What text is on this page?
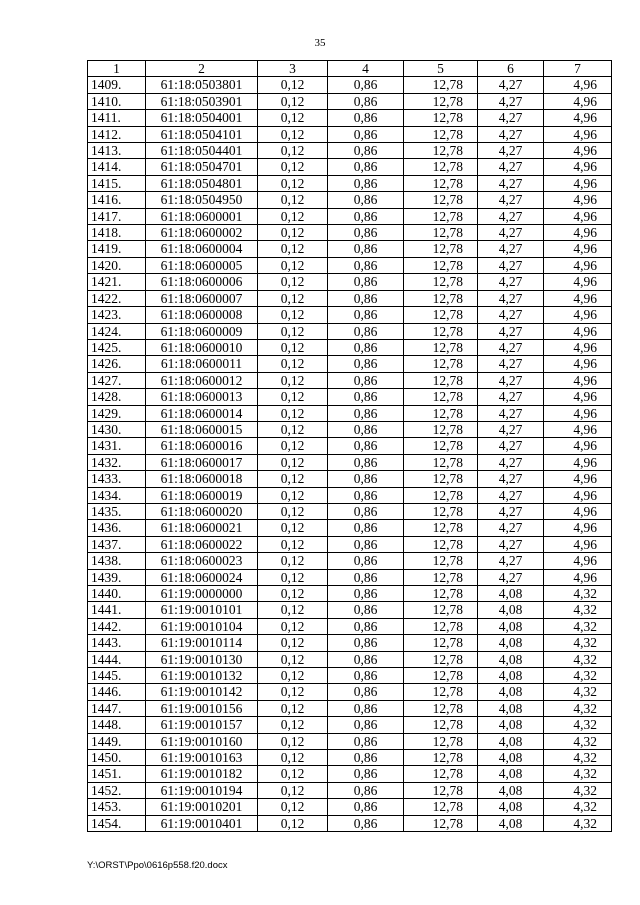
35
1	2	3	4	5	6	7
1409.	61:18:0503801	0,12	0,86	12,78	4,27	4,96
1410.	61:18:0503901	0,12	0,86	12,78	4,27	4,96
1411.	61:18:0504001	0,12	0,86	12,78	4,27	4,96
1412.	61:18:0504101	0,12	0,86	12,78	4,27	4,96
1413.	61:18:0504401	0,12	0,86	12,78	4,27	4,96
1414.	61:18:0504701	0,12	0,86	12,78	4,27	4,96
1415.	61:18:0504801	0,12	0,86	12,78	4,27	4,96
1416.	61:18:0504950	0,12	0,86	12,78	4,27	4,96
1417.	61:18:0600001	0,12	0,86	12,78	4,27	4,96
1418.	61:18:0600002	0,12	0,86	12,78	4,27	4,96
1419.	61:18:0600004	0,12	0,86	12,78	4,27	4,96
1420.	61:18:0600005	0,12	0,86	12,78	4,27	4,96
1421.	61:18:0600006	0,12	0,86	12,78	4,27	4,96
1422.	61:18:0600007	0,12	0,86	12,78	4,27	4,96
1423.	61:18:0600008	0,12	0,86	12,78	4,27	4,96
1424.	61:18:0600009	0,12	0,86	12,78	4,27	4,96
1425.	61:18:0600010	0,12	0,86	12,78	4,27	4,96
1426.	61:18:0600011	0,12	0,86	12,78	4,27	4,96
1427.	61:18:0600012	0,12	0,86	12,78	4,27	4,96
1428.	61:18:0600013	0,12	0,86	12,78	4,27	4,96
1429.	61:18:0600014	0,12	0,86	12,78	4,27	4,96
1430.	61:18:0600015	0,12	0,86	12,78	4,27	4,96
1431.	61:18:0600016	0,12	0,86	12,78	4,27	4,96
1432.	61:18:0600017	0,12	0,86	12,78	4,27	4,96
1433.	61:18:0600018	0,12	0,86	12,78	4,27	4,96
1434.	61:18:0600019	0,12	0,86	12,78	4,27	4,96
1435.	61:18:0600020	0,12	0,86	12,78	4,27	4,96
1436.	61:18:0600021	0,12	0,86	12,78	4,27	4,96
1437.	61:18:0600022	0,12	0,86	12,78	4,27	4,96
1438.	61:18:0600023	0,12	0,86	12,78	4,27	4,96
1439.	61:18:0600024	0,12	0,86	12,78	4,27	4,96
1440.	61:19:0000000	0,12	0,86	12,78	4,08	4,32
1441.	61:19:0010101	0,12	0,86	12,78	4,08	4,32
1442.	61:19:0010104	0,12	0,86	12,78	4,08	4,32
1443.	61:19:0010114	0,12	0,86	12,78	4,08	4,32
1444.	61:19:0010130	0,12	0,86	12,78	4,08	4,32
1445.	61:19:0010132	0,12	0,86	12,78	4,08	4,32
1446.	61:19:0010142	0,12	0,86	12,78	4,08	4,32
1447.	61:19:0010156	0,12	0,86	12,78	4,08	4,32
1448.	61:19:0010157	0,12	0,86	12,78	4,08	4,32
1449.	61:19:0010160	0,12	0,86	12,78	4,08	4,32
1450.	61:19:0010163	0,12	0,86	12,78	4,08	4,32
1451.	61:19:0010182	0,12	0,86	12,78	4,08	4,32
1452.	61:19:0010194	0,12	0,86	12,78	4,08	4,32
1453.	61:19:0010201	0,12	0,86	12,78	4,08	4,32
1454.	61:19:0010401	0,12	0,86	12,78	4,08	4,32
Y:\ORST\Ppo\0616p558.f20.docx
